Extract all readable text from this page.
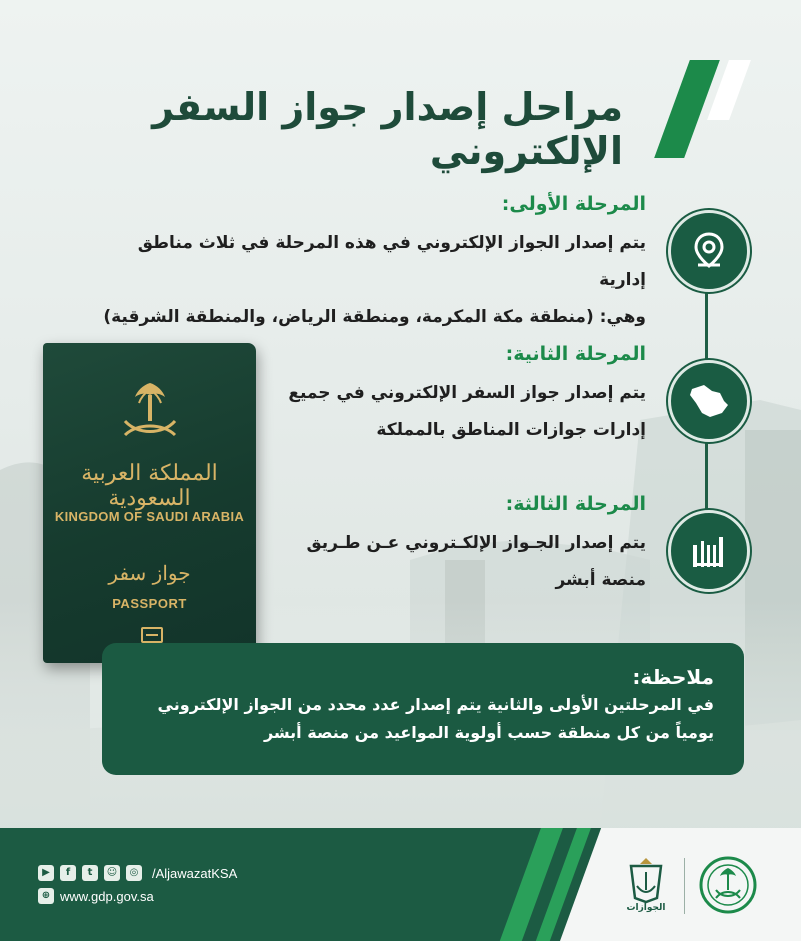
مراحل إصدار جواز السفر الإلكتروني
المرحلة الأولى:

يتم إصدار الجواز الإلكتروني في هذه المرحلة في ثلاث مناطق إدارية

وهي: (منطقة مكة المكرمة، ومنطقة الرياض، والمنطقة الشرقية)

المرحلة الثانية:

يتم إصدار جواز السفر الإلكتروني في جميع

إدارات جوازات المناطق بالمملكة

المرحلة الثالثة:

يتم إصدار الجـواز الإلكـتروني عـن طـريق

منصة أبشر

المملكة العربية السعودية
KINGDOM OF SAUDI ARABIA
جواز سفر
PASSPORT
ملاحظة:

في المرحلتين الأولى والثانية يتم إصدار عدد محدد من الجواز الإلكتروني

يومياً من كل منطقة حسب أولوية المواعيد من منصة أبشر

▶	f	t	☺	◎ /AljawazatKSA
⊕ www.gdp.gov.sa
الجوازات
